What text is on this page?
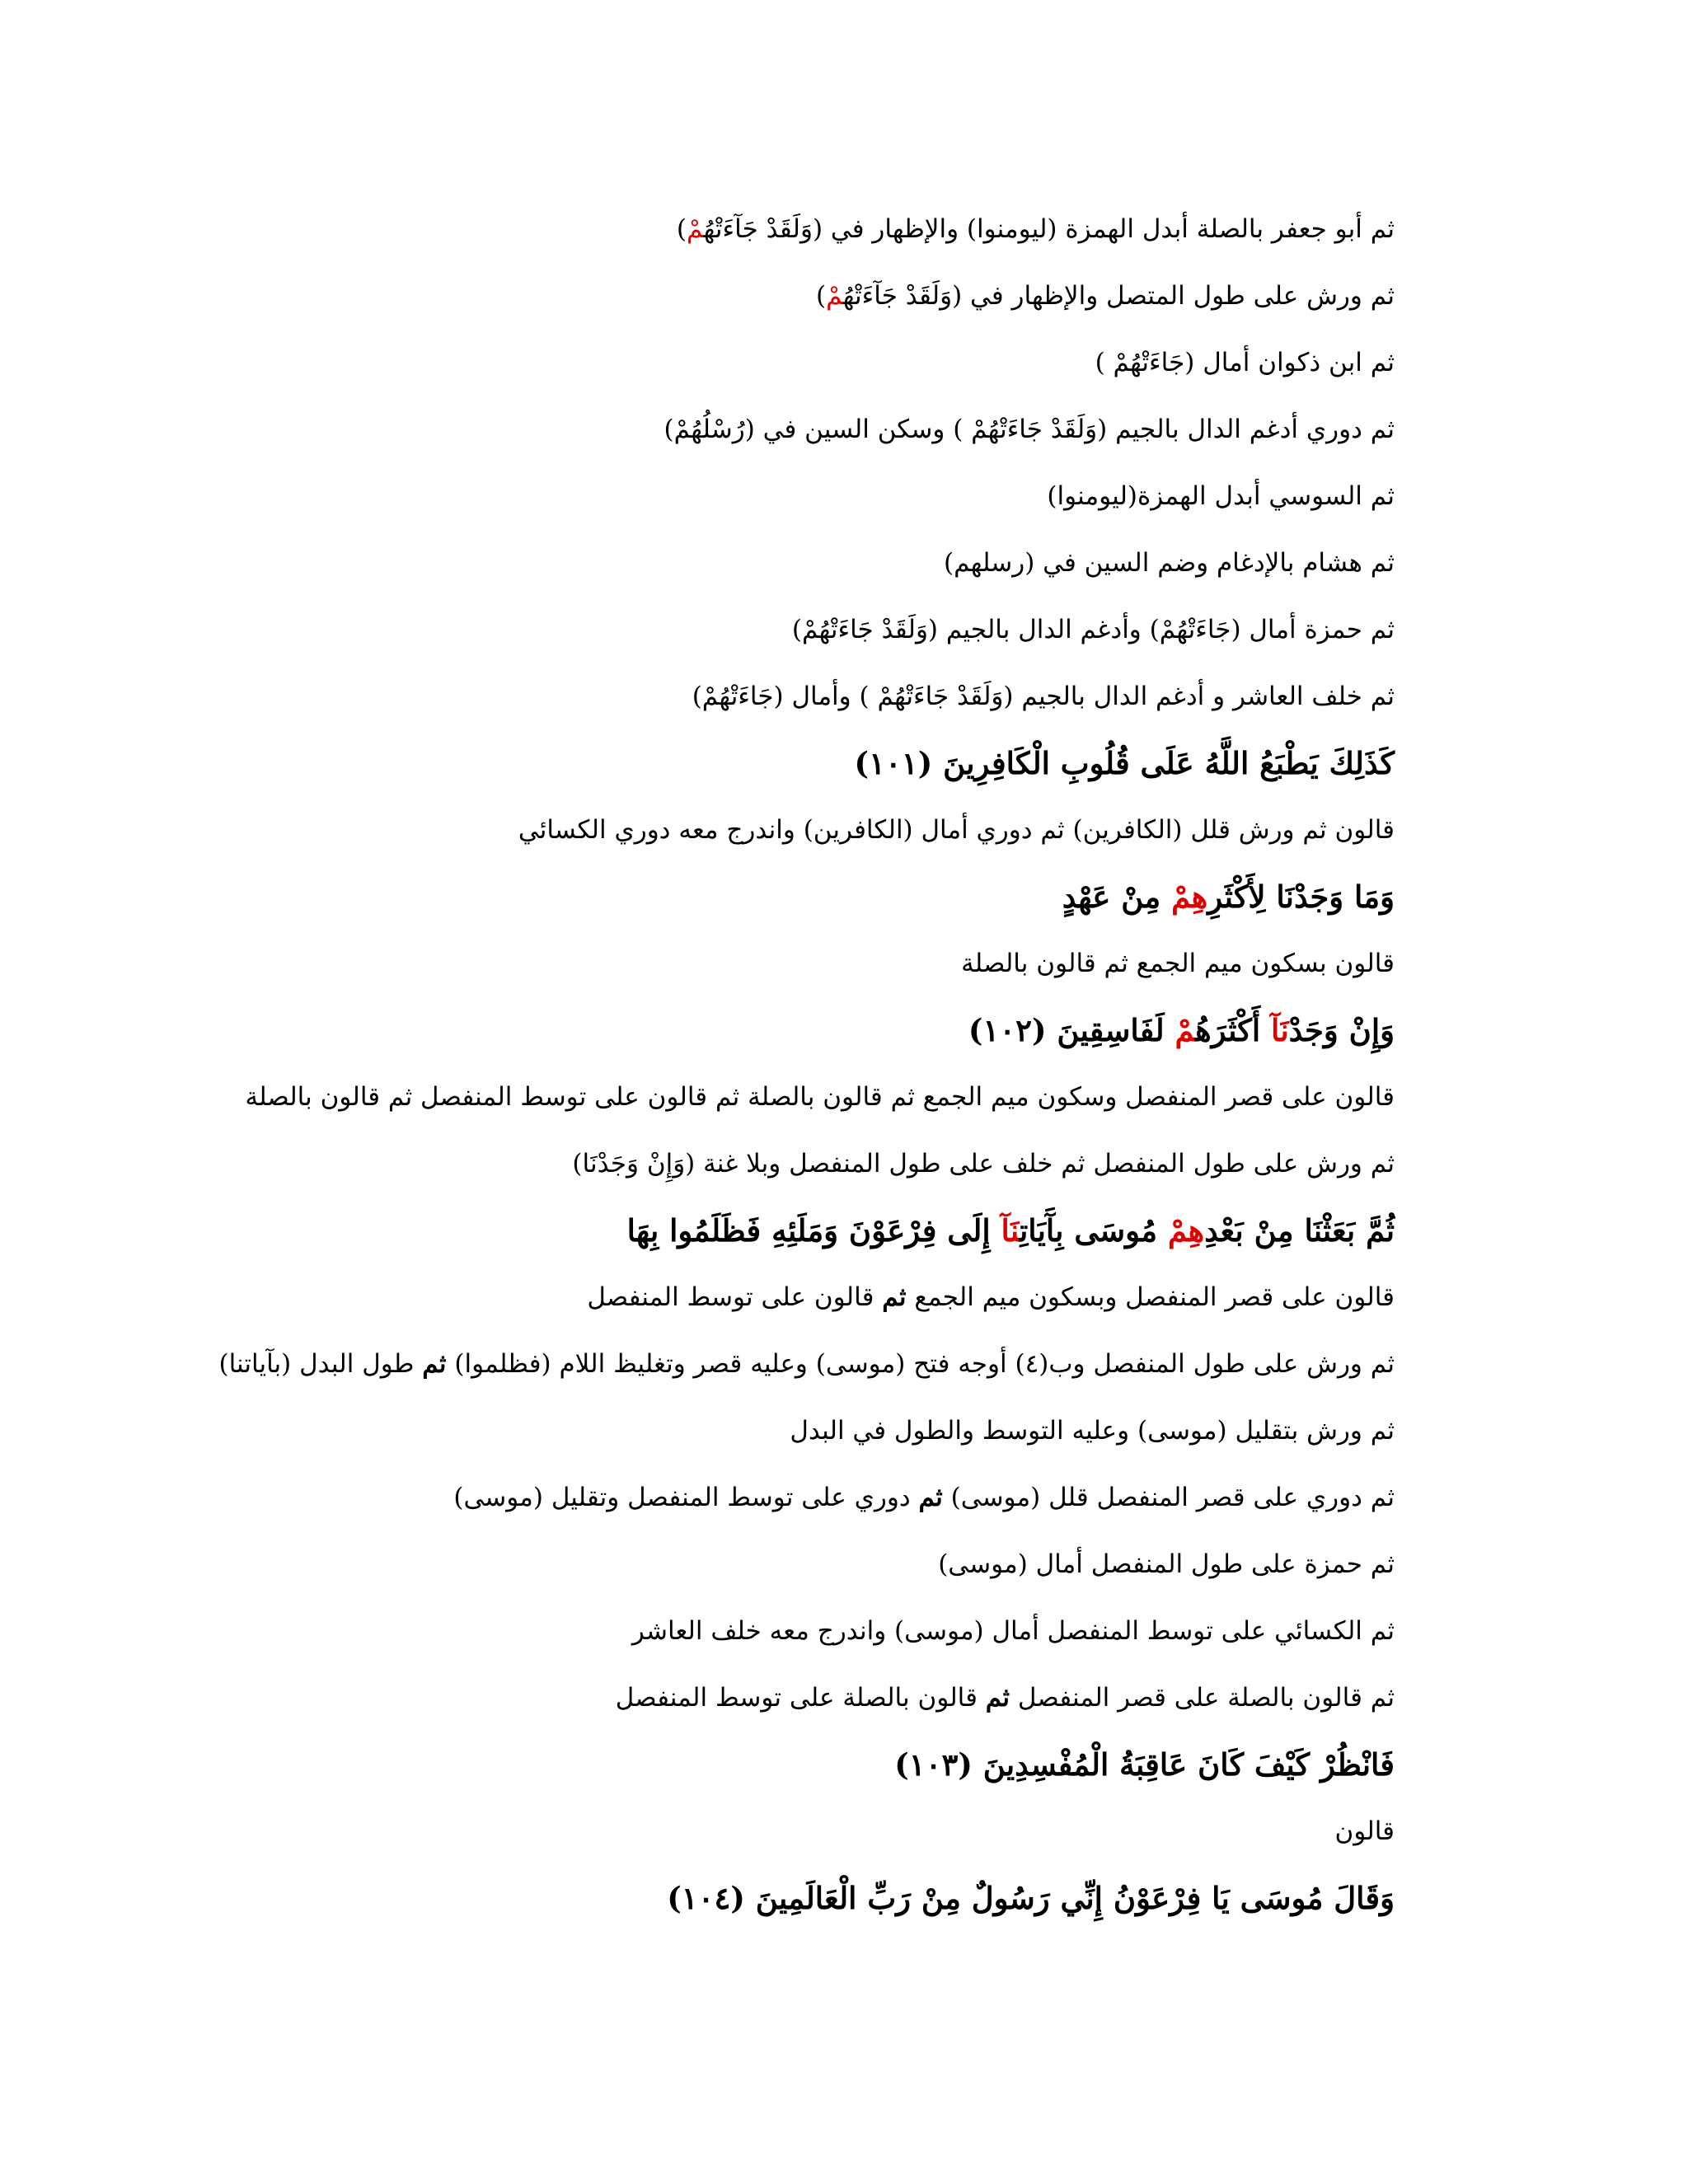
ثم أبو جعفر بالصلة أبدل الهمزة (ليومنوا) والإظهار في (وَلَقَدْ جَآءَتْهُمْ)
ثم ورش على طول المتصل والإظهار في (وَلَقَدْ جَآءَتْهُمْ)
ثم ابن ذكوان أمال (جَاءَتْهُمْ )
ثم دوري أدغم الدال بالجيم (وَلَقَدْ جَاءَتْهُمْ ) وسكن السين في (رُسْلُهُمْ)
ثم السوسي أبدل الهمزة(ليومنوا)
ثم هشام بالإدغام وضم السين في (رسلهم)
ثم حمزة أمال (جَاءَتْهُمْ) وأدغم الدال بالجيم (وَلَقَدْ جَاءَتْهُمْ)
ثم خلف العاشر و أدغم الدال بالجيم (وَلَقَدْ جَاءَتْهُمْ ) وأمال (جَاءَتْهُمْ)
كَذَلِكَ يَطْبَعُ اللَّهُ عَلَى قُلُوبِ الْكَافِرِينَ (١٠١)
قالون ثم ورش قلل (الكافرين) ثم دوري أمال (الكافرين) واندرج معه دوري الكسائي
وَمَا وَجَدْنَا لِأَكْثَرِهِمْ مِنْ عَهْدٍ
قالون بسكون ميم الجمع ثم قالون بالصلة
وَإِنْ وَجَدْنَآ أَكْثَرَهُمْ لَفَاسِقِينَ (١٠٢)
قالون على قصر المنفصل وسكون ميم الجمع ثم قالون بالصلة ثم قالون على توسط المنفصل ثم قالون بالصلة
ثم ورش على طول المنفصل ثم خلف على طول المنفصل وبلا غنة (وَإِنْ وَجَدْنَا)
ثُمَّ بَعَثْنَا مِنْ بَعْدِهِمْ مُوسَى بِآَيَاتِنَآ إِلَى فِرْعَوْنَ وَمَلَئِهِ فَظَلَمُوا بِهَا
قالون على قصر المنفصل وبسكون ميم الجمع ثم قالون على توسط المنفصل
ثم ورش على طول المنفصل وب(٤) أوجه فتح (موسى) وعليه قصر وتغليظ اللام (فظلموا) ثم طول البدل (بآياتنا)
ثم ورش بتقليل (موسى) وعليه التوسط والطول في البدل
ثم دوري على قصر المنفصل قلل (موسى) ثم دوري على توسط المنفصل وتقليل (موسى)
ثم حمزة على طول المنفصل أمال (موسى)
ثم الكسائي على توسط المنفصل أمال (موسى) واندرج معه خلف العاشر
ثم قالون بالصلة على قصر المنفصل ثم قالون بالصلة على توسط المنفصل
فَانْظُرْ كَيْفَ كَانَ عَاقِبَةُ الْمُفْسِدِينَ (١٠٣)
قالون
وَقَالَ مُوسَى يَا فِرْعَوْنُ إِنِّي رَسُولٌ مِنْ رَبِّ الْعَالَمِينَ (١٠٤)
